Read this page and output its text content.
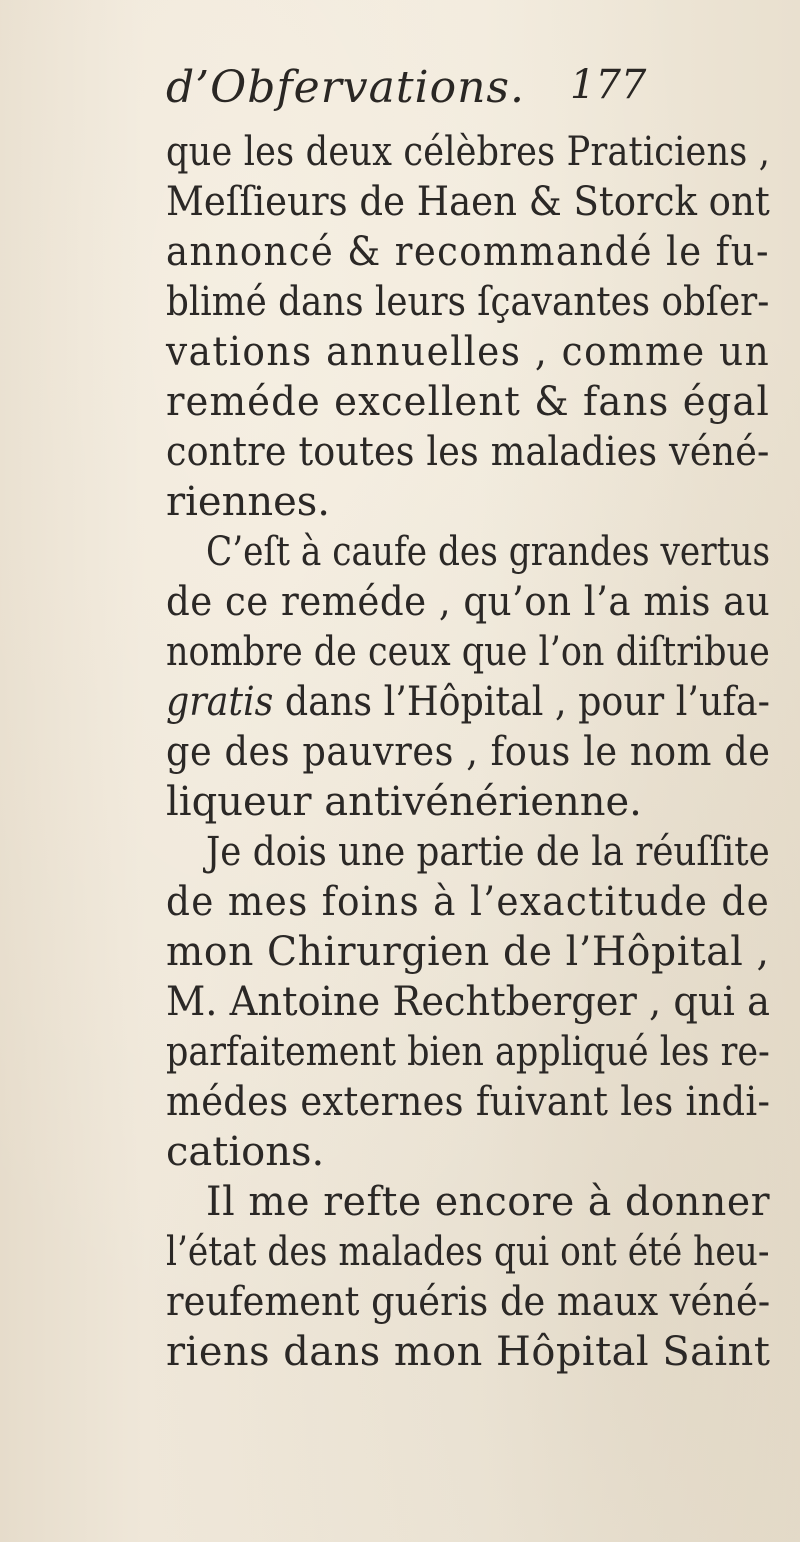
d’Obfervations. 177
que les deux célèbres Praticiens ,
Meſſieurs de Haen & Storck ont
annoncé & recommandé le fu-
blimé dans leurs ſçavantes obſer-
vations annuelles , comme un
reméde excellent & fans égal
contre toutes les maladies véné-
riennes.
C’eſt à caufe des grandes vertus
de ce reméde , qu’on l’a mis au
nombre de ceux que l’on diſtribue
gratis dans l’Hôpital , pour l’ufa-
ge des pauvres , fous le nom de
liqueur antivénérienne.
Je dois une partie de la réuſſite
de mes foins à l’exactitude de
mon Chirurgien de l’Hôpital ,
M. Antoine Rechtberger , qui a
parfaitement bien appliqué les re-
médes externes fuivant les indi-
cations.
Il me refte encore à donner
l’état des malades qui ont été heu-
reufement guéris de maux véné-
riens dans mon Hôpital Saint
